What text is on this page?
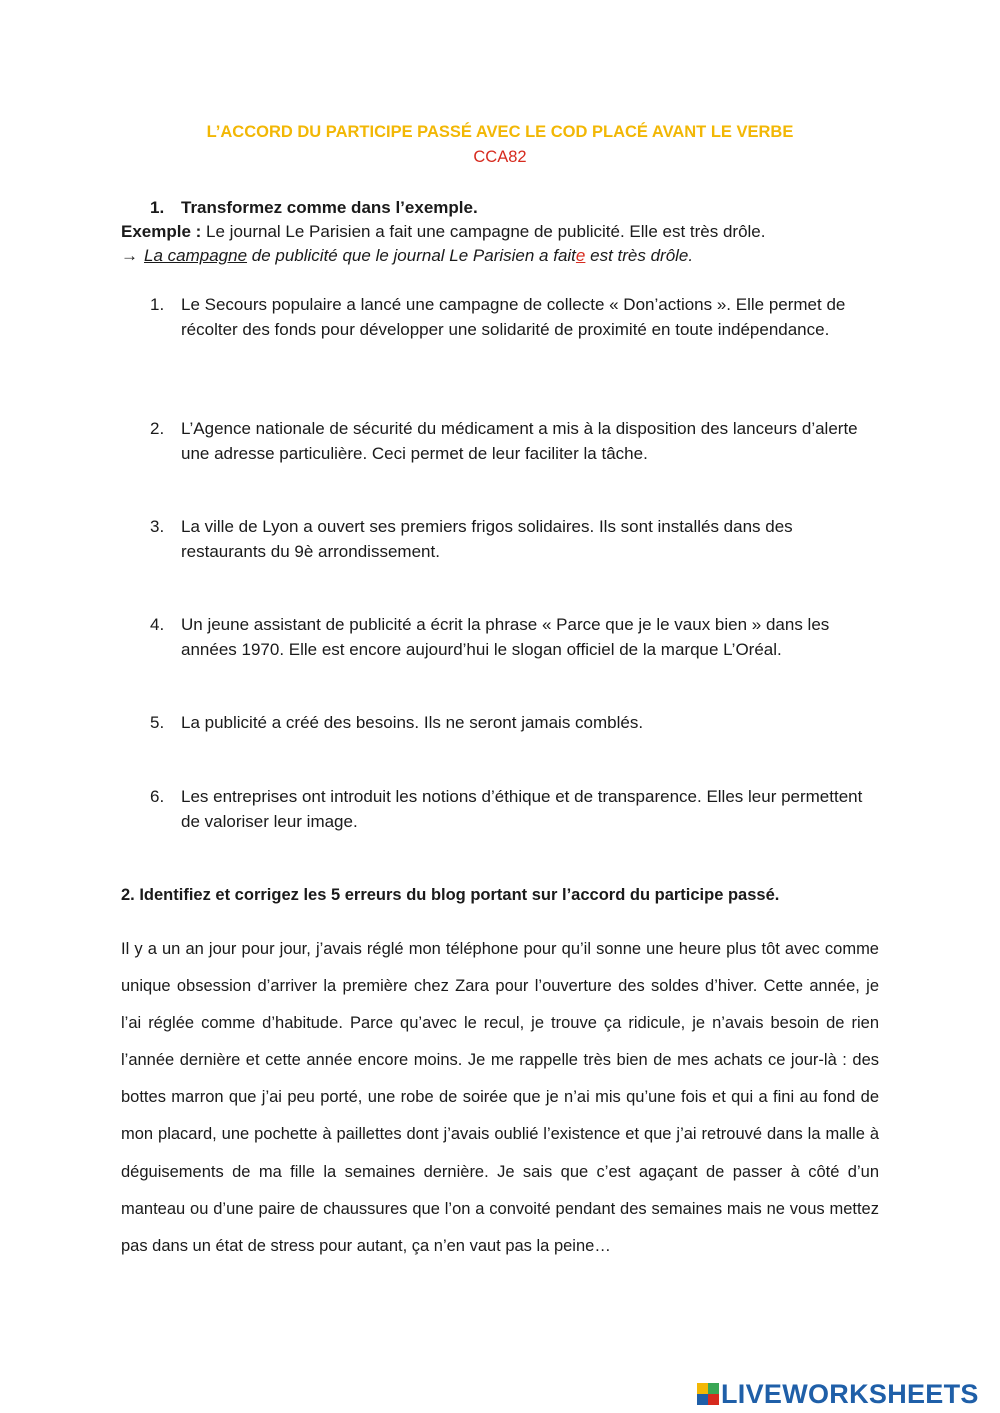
L’ACCORD DU PARTICIPE PASSÉ AVEC LE COD PLACÉ AVANT LE VERBE
CCA82
1. Transformez comme dans l’exemple.
Exemple : Le journal Le Parisien a fait une campagne de publicité. Elle est très drôle.
→ La campagne de publicité que le journal Le Parisien a faite est très drôle.
1. Le Secours populaire a lancé une campagne de collecte « Don’actions ». Elle permet de récolter des fonds pour développer une solidarité de proximité en toute indépendance.
2. L’Agence nationale de sécurité du médicament a mis à la disposition des lanceurs d’alerte une adresse particulière. Ceci permet de leur faciliter la tâche.
3. La ville de Lyon a ouvert ses premiers frigos solidaires. Ils sont installés dans des restaurants du 9è arrondissement.
4. Un jeune assistant de publicité a écrit la phrase « Parce que je le vaux bien » dans les années 1970. Elle est encore aujourd’hui le slogan officiel de la marque L’Oréal.
5. La publicité a créé des besoins. Ils ne seront jamais comblés.
6. Les entreprises ont introduit les notions d’éthique et de transparence. Elles leur permettent de valoriser leur image.
2. Identifiez et corrigez les 5 erreurs du blog portant sur l’accord du participe passé.
Il y a un an jour pour jour, j’avais réglé mon téléphone pour qu’il sonne une heure plus tôt avec comme unique obsession d’arriver la première chez Zara pour l’ouverture des soldes d’hiver. Cette année, je l’ai réglée comme d’habitude. Parce qu’avec le recul, je trouve ça ridicule, je n’avais besoin de rien l’année dernière et cette année encore moins. Je me rappelle très bien de mes achats ce jour-là : des bottes marron que j’ai peu porté, une robe de soirée que je n’ai mis qu’une fois et qui a fini au fond de mon placard, une pochette à paillettes dont j’avais oublié l’existence et que j’ai retrouvé dans la malle à déguisements de ma fille la semaines dernière. Je sais que c’est agaçant de passer à côté d’un manteau ou d’une paire de chaussures que l’on a convoité pendant des semaines mais ne vous mettez pas dans un état de stress pour autant, ça n’en vaut pas la peine…
LIVEWORKSHEETS
